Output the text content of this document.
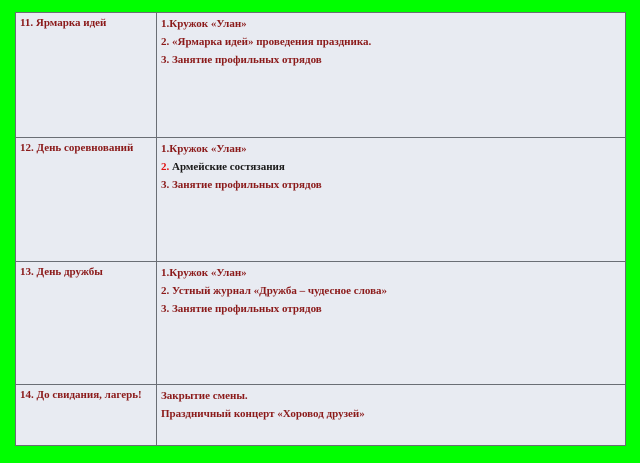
11. Ярмарка идей	1.Кружок «Улан»
2. «Ярмарка идей» проведения праздника.
3. Занятие профильных отрядов

12. День соревнований	1.Кружок «Улан»
2. Армейские состязания
3. Занятие профильных отрядов

13. День дружбы	1.Кружок «Улан»
2. Устный журнал «Дружба – чудесное слова»
3. Занятие профильных отрядов

14. До свидания, лагерь!	Закрытие смены.
Праздничный концерт «Хоровод друзей»
